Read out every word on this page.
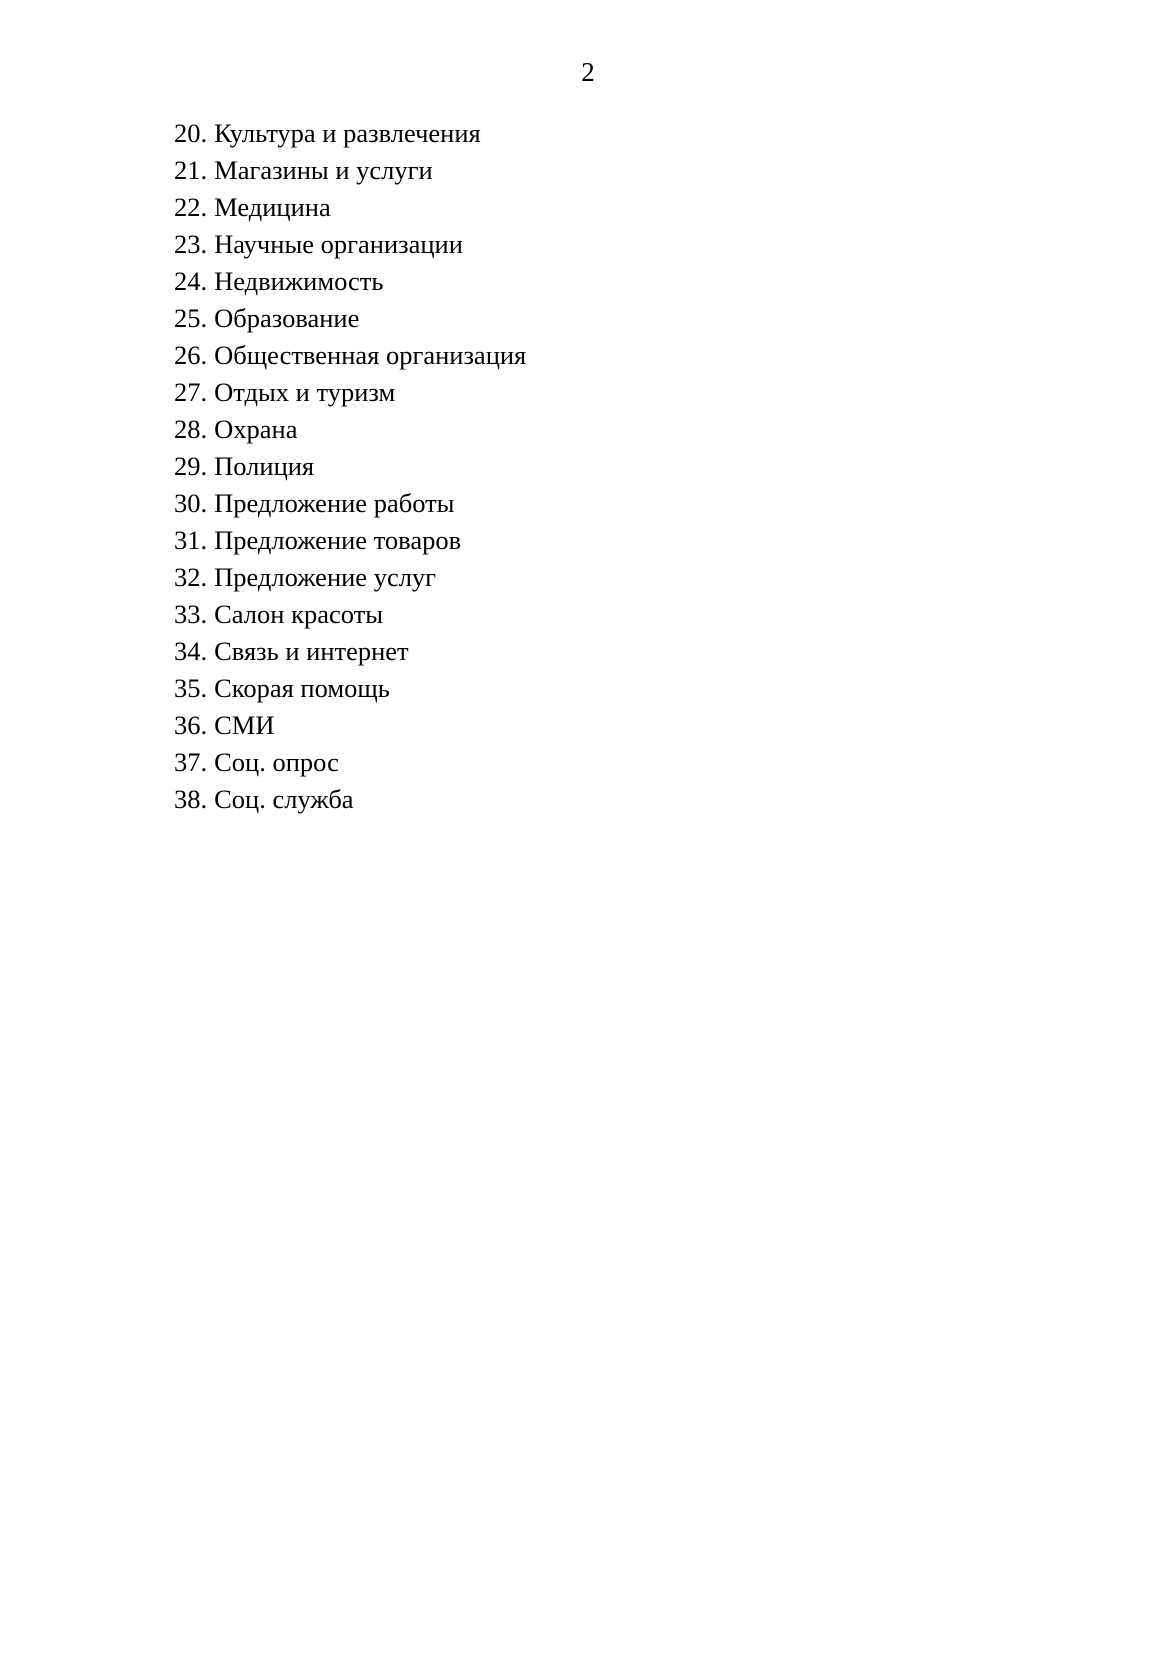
2
20. Культура и развлечения
21. Магазины и услуги
22. Медицина
23. Научные организации
24. Недвижимость
25. Образование
26. Общественная организация
27. Отдых и туризм
28. Охрана
29. Полиция
30. Предложение работы
31. Предложение товаров
32. Предложение услуг
33. Салон красоты
34. Связь и интернет
35. Скорая помощь
36. СМИ
37. Соц. опрос
38. Соц. служба
